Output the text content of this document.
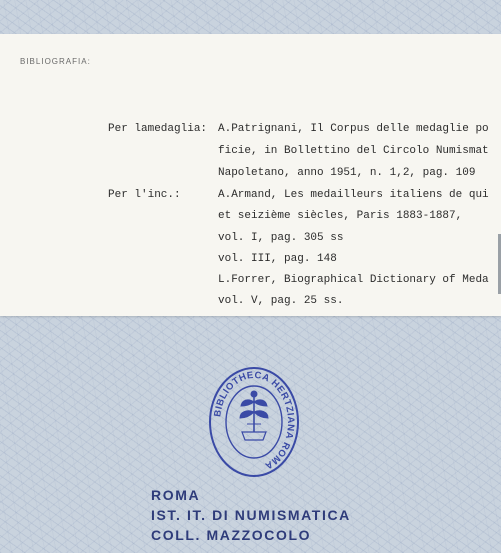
BIBLIOGRAFIA:
Per lamedaglia: A.Patrignani, Il Corpus delle medaglie po
ficie, in Bollettino del Circolo Numismat
Napoletano, anno 1951, n. 1,2, pag. 109
Per l'inc.:	A.Armand, Les medailleurs italiens de qui
et seizième siècles, Paris 1883-1887,
vol. I, pag. 305 ss
vol. III, pag. 148
L.Forrer, Biographical Dictionary of Meda
vol. V, pag. 25 ss.
BIBLIOTHECA HERTZIANA ROMA
ROMA
IST. IT. DI NUMISMATICA
COLL. MAZZOCOLO
